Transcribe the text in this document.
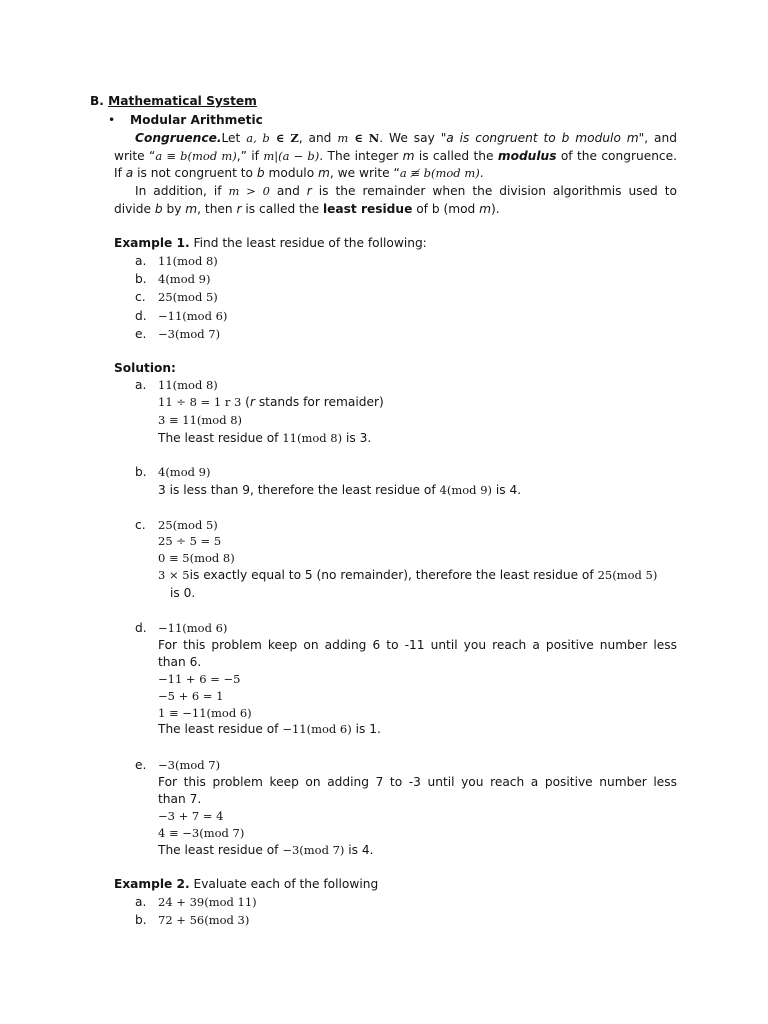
B. Mathematical System
• Modular Arithmetic
Congruence.Let a, b ∈ Z, and m ∈ N. We say "a is congruent to b modulo m", and
write “a ≡ b(mod m),” if m|(a − b). The integer m is called the modulus of the congruence.
If a is not congruent to b modulo m, we write “a ≢ b(mod m).
In addition, if m > 0 and r is the remainder when the division algorithmis used to
divide b by m, then r is called the least residue of b (mod m).
Example 1. Find the least residue of the following:
a. 11(mod 8)
b. 4(mod 9)
c. 25(mod 5)
d. −11(mod 6)
e. −3(mod 7)
Solution:
a. 11(mod 8)
11 ÷ 8 = 1 r 3 (r stands for remaider)
3 ≡ 11(mod 8)
The least residue of 11(mod 8) is 3.
b. 4(mod 9)
3 is less than 9, therefore the least residue of 4(mod 9) is 4.
c. 25(mod 5)
25 ÷ 5 = 5
0 ≡ 5(mod 8)
3 × 5is exactly equal to 5 (no remainder), therefore the least residue of 25(mod 5)
is 0.
d. −11(mod 6)
For this problem keep on adding 6 to -11 until you reach a positive number less
than 6.
−11 + 6 = −5
−5 + 6 = 1
1 ≡ −11(mod 6)
The least residue of −11(mod 6) is 1.
e. −3(mod 7)
For this problem keep on adding 7 to -3 until you reach a positive number less
than 7.
−3 + 7 = 4
4 ≡ −3(mod 7)
The least residue of −3(mod 7) is 4.
Example 2. Evaluate each of the following
a. 24 + 39(mod 11)
b. 72 + 56(mod 3)
